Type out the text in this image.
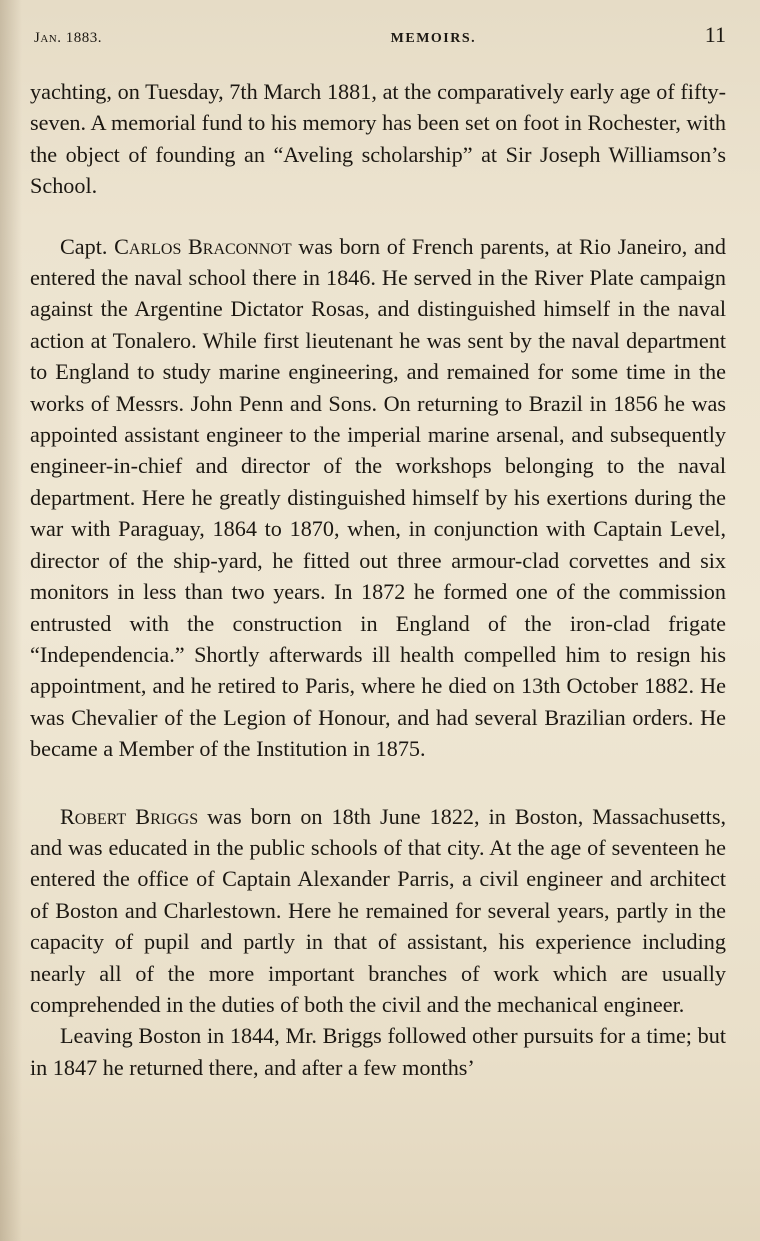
Jan. 1883.	MEMOIRS.	11

yachting, on Tuesday, 7th March 1881, at the comparatively early age of fifty-seven. A memorial fund to his memory has been set on foot in Rochester, with the object of founding an “Aveling scholarship” at Sir Joseph Williamson’s School.

Capt. Carlos Braconnot was born of French parents, at Rio Janeiro, and entered the naval school there in 1846. He served in the River Plate campaign against the Argentine Dictator Rosas, and distinguished himself in the naval action at Tonalero. While first lieutenant he was sent by the naval department to England to study marine engineering, and remained for some time in the works of Messrs. John Penn and Sons. On returning to Brazil in 1856 he was appointed assistant engineer to the imperial marine arsenal, and subsequently engineer-in-chief and director of the workshops belonging to the naval department. Here he greatly distinguished himself by his exertions during the war with Paraguay, 1864 to 1870, when, in conjunction with Captain Level, director of the ship-yard, he fitted out three armour-clad corvettes and six monitors in less than two years. In 1872 he formed one of the commission entrusted with the construction in England of the iron-clad frigate “Independencia.” Shortly afterwards ill health compelled him to resign his appointment, and he retired to Paris, where he died on 13th October 1882. He was Chevalier of the Legion of Honour, and had several Brazilian orders. He became a Member of the Institution in 1875.

Robert Briggs was born on 18th June 1822, in Boston, Massachusetts, and was educated in the public schools of that city. At the age of seventeen he entered the office of Captain Alexander Parris, a civil engineer and architect of Boston and Charlestown. Here he remained for several years, partly in the capacity of pupil and partly in that of assistant, his experience including nearly all of the more important branches of work which are usually comprehended in the duties of both the civil and the mechanical engineer.

Leaving Boston in 1844, Mr. Briggs followed other pursuits for a time; but in 1847 he returned there, and after a few months’
